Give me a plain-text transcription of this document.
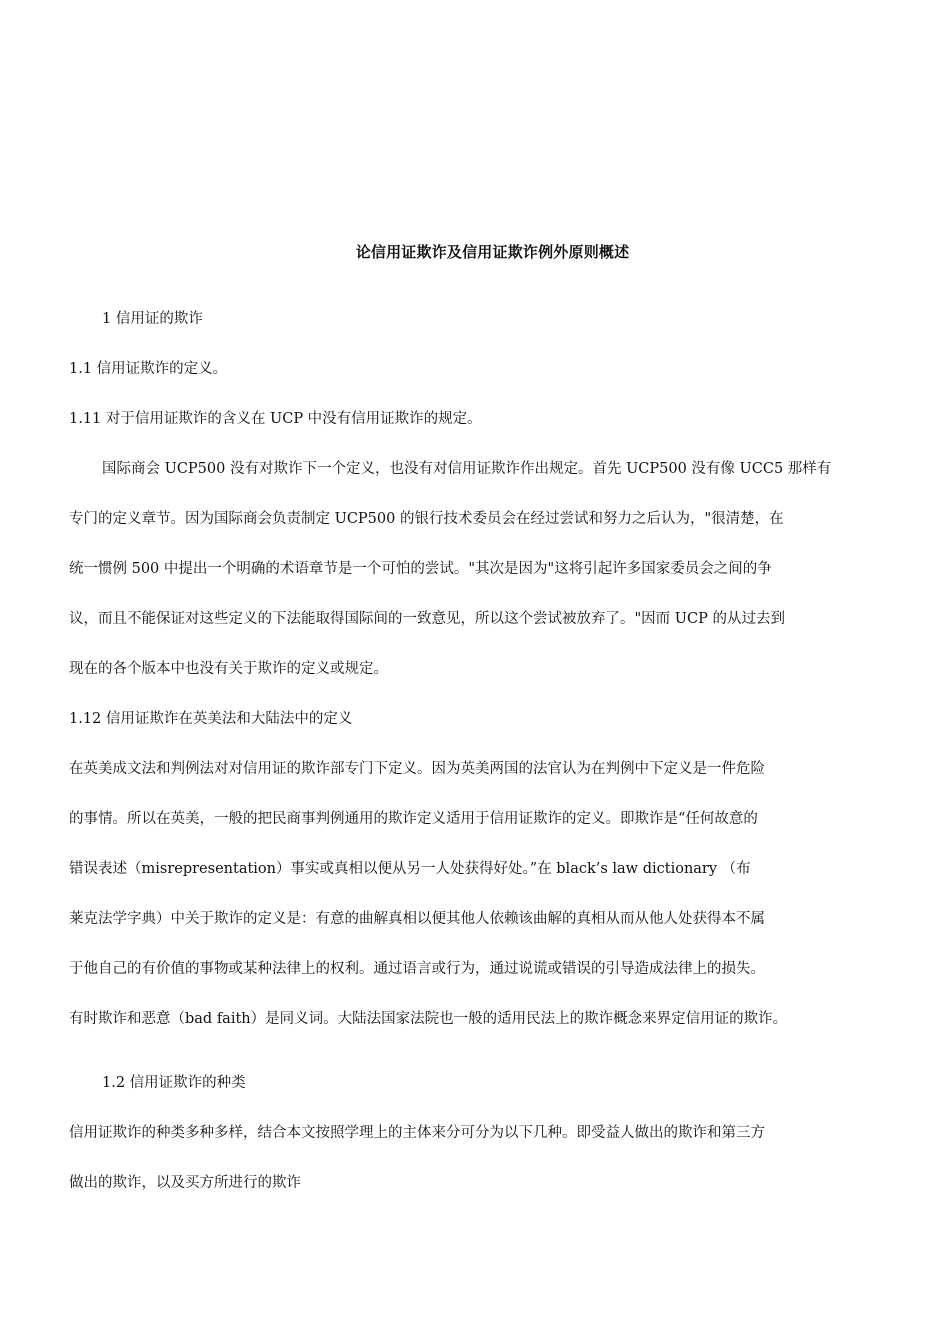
论信用证欺诈及信用证欺诈例外原则概述
1 信用证的欺诈
1.1 信用证欺诈的定义。
1.11 对于信用证欺诈的含义在 UCP 中没有信用证欺诈的规定。
国际商会 UCP500 没有对欺诈下一个定义，也没有对信用证欺诈作出规定。首先 UCP500 没有像 UCC5 那样有
专门的定义章节。因为国际商会负责制定 UCP500 的银行技术委员会在经过尝试和努力之后认为，"很清楚，在
统一惯例 500 中提出一个明确的术语章节是一个可怕的尝试。"其次是因为"这将引起许多国家委员会之间的争
议，而且不能保证对这些定义的下法能取得国际间的一致意见，所以这个尝试被放弃了。"因而 UCP 的从过去到
现在的各个版本中也没有关于欺诈的定义或规定。
1.12 信用证欺诈在英美法和大陆法中的定义
在英美成文法和判例法对对信用证的欺诈部专门下定义。因为英美两国的法官认为在判例中下定义是一件危险
的事情。所以在英美，一般的把民商事判例通用的欺诈定义适用于信用证欺诈的定义。即欺诈是“任何故意的
错误表述（misrepresentation）事实或真相以便从另一人处获得好处。”在 black’s law dictionary （布
莱克法学字典）中关于欺诈的定义是：有意的曲解真相以便其他人依赖该曲解的真相从而从他人处获得本不属
于他自己的有价值的事物或某种法律上的权利。通过语言或行为，通过说谎或错误的引导造成法律上的损失。
有时欺诈和恶意（bad faith）是同义词。大陆法国家法院也一般的适用民法上的欺诈概念来界定信用证的欺诈。
1.2 信用证欺诈的种类
信用证欺诈的种类多种多样，结合本文按照学理上的主体来分可分为以下几种。即受益人做出的欺诈和第三方
做出的欺诈，以及买方所进行的欺诈
